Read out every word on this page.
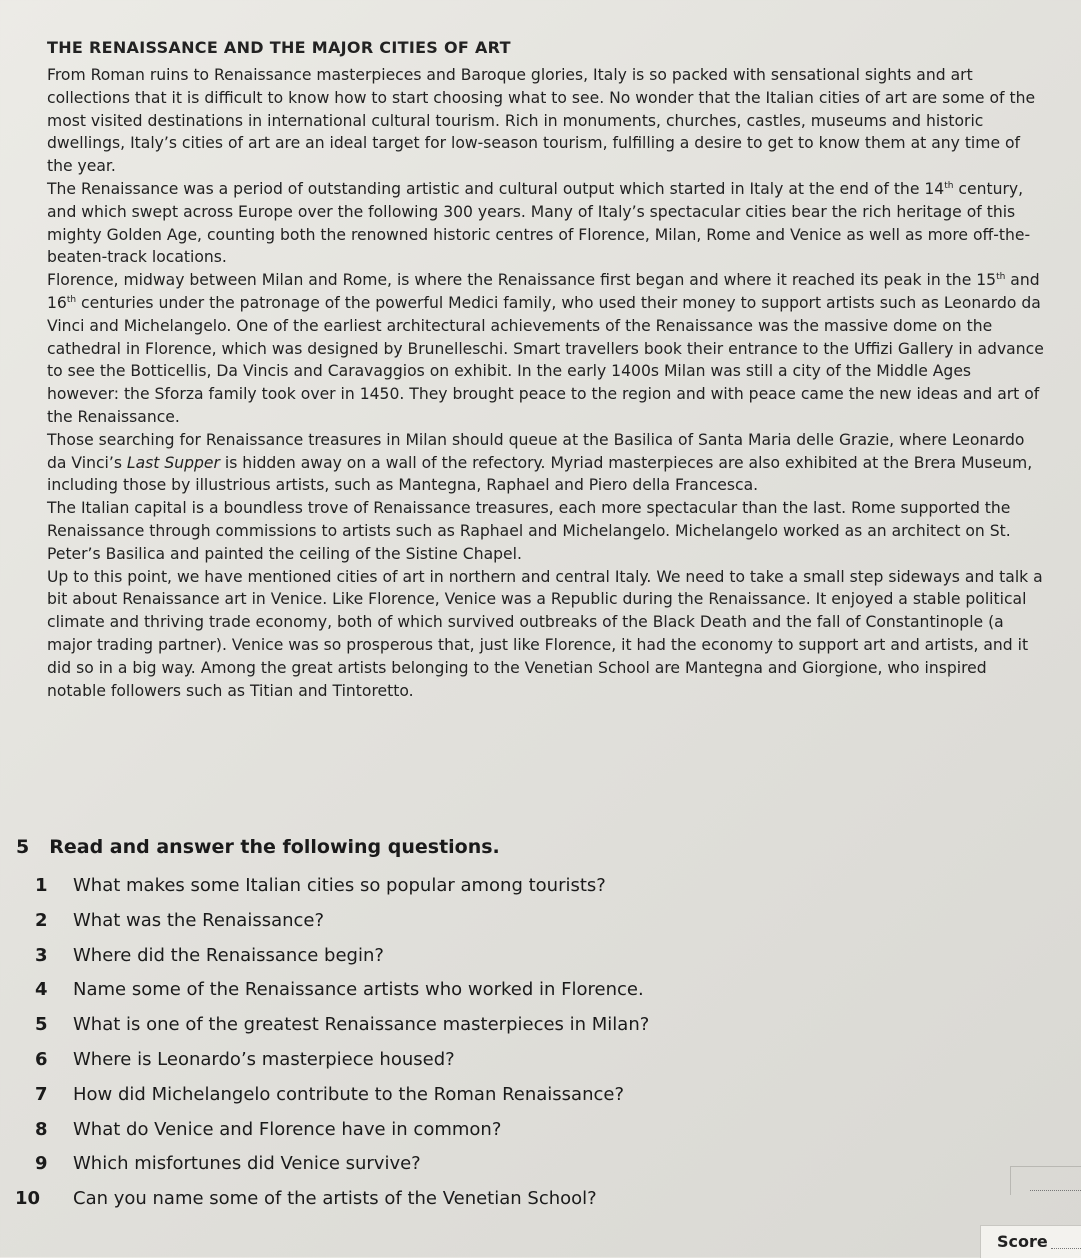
THE RENAISSANCE AND THE MAJOR CITIES OF ART

From Roman ruins to Renaissance masterpieces and Baroque glories, Italy is so packed with sensational sights and art collections that it is difficult to know how to start choosing what to see. No wonder that the Italian cities of art are some of the most visited destinations in international cultural tourism. Rich in monuments, churches, castles, museums and historic dwellings, Italy’s cities of art are an ideal target for low-season tourism, fulfilling a desire to get to know them at any time of the year.

The Renaissance was a period of outstanding artistic and cultural output which started in Italy at the end of the 14th century, and which swept across Europe over the following 300 years. Many of Italy’s spectacular cities bear the rich heritage of this mighty Golden Age, counting both the renowned historic centres of Florence, Milan, Rome and Venice as well as more off-the-beaten-track locations.

Florence, midway between Milan and Rome, is where the Renaissance first began and where it reached its peak in the 15th and 16th centuries under the patronage of the powerful Medici family, who used their money to support artists such as Leonardo da Vinci and Michelangelo. One of the earliest architectural achievements of the Renaissance was the massive dome on the cathedral in Florence, which was designed by Brunelleschi. Smart travellers book their entrance to the Uffizi Gallery in advance to see the Botticellis, Da Vincis and Caravaggios on exhibit. In the early 1400s Milan was still a city of the Middle Ages however: the Sforza family took over in 1450. They brought peace to the region and with peace came the new ideas and art of the Renaissance.

Those searching for Renaissance treasures in Milan should queue at the Basilica of Santa Maria delle Grazie, where Leonardo da Vinci’s Last Supper is hidden away on a wall of the refectory. Myriad masterpieces are also exhibited at the Brera Museum, including those by illustrious artists, such as Mantegna, Raphael and Piero della Francesca.

The Italian capital is a boundless trove of Renaissance treasures, each more spectacular than the last. Rome supported the Renaissance through commissions to artists such as Raphael and Michelangelo. Michelangelo worked as an architect on St. Peter’s Basilica and painted the ceiling of the Sistine Chapel.

Up to this point, we have mentioned cities of art in northern and central Italy. We need to take a small step sideways and talk a bit about Renaissance art in Venice. Like Florence, Venice was a Republic during the Renaissance. It enjoyed a stable political climate and thriving trade economy, both of which survived outbreaks of the Black Death and the fall of Constantinople (a major trading partner). Venice was so prosperous that, just like Florence, it had the economy to support art and artists, and it did so in a big way. Among the great artists belonging to the Venetian School are Mantegna and Giorgione, who inspired notable followers such as Titian and Tintoretto.

5 Read and answer the following questions.
1 What makes some Italian cities so popular among tourists?
2 What was the Renaissance?
3 Where did the Renaissance begin?
4 Name some of the Renaissance artists who worked in Florence.
5 What is one of the greatest Renaissance masterpieces in Milan?
6 Where is Leonardo’s masterpiece housed?
7 How did Michelangelo contribute to the Roman Renaissance?
8 What do Venice and Florence have in common?
9 Which misfortunes did Venice survive?
10 Can you name some of the artists of the Venetian School?
Score
